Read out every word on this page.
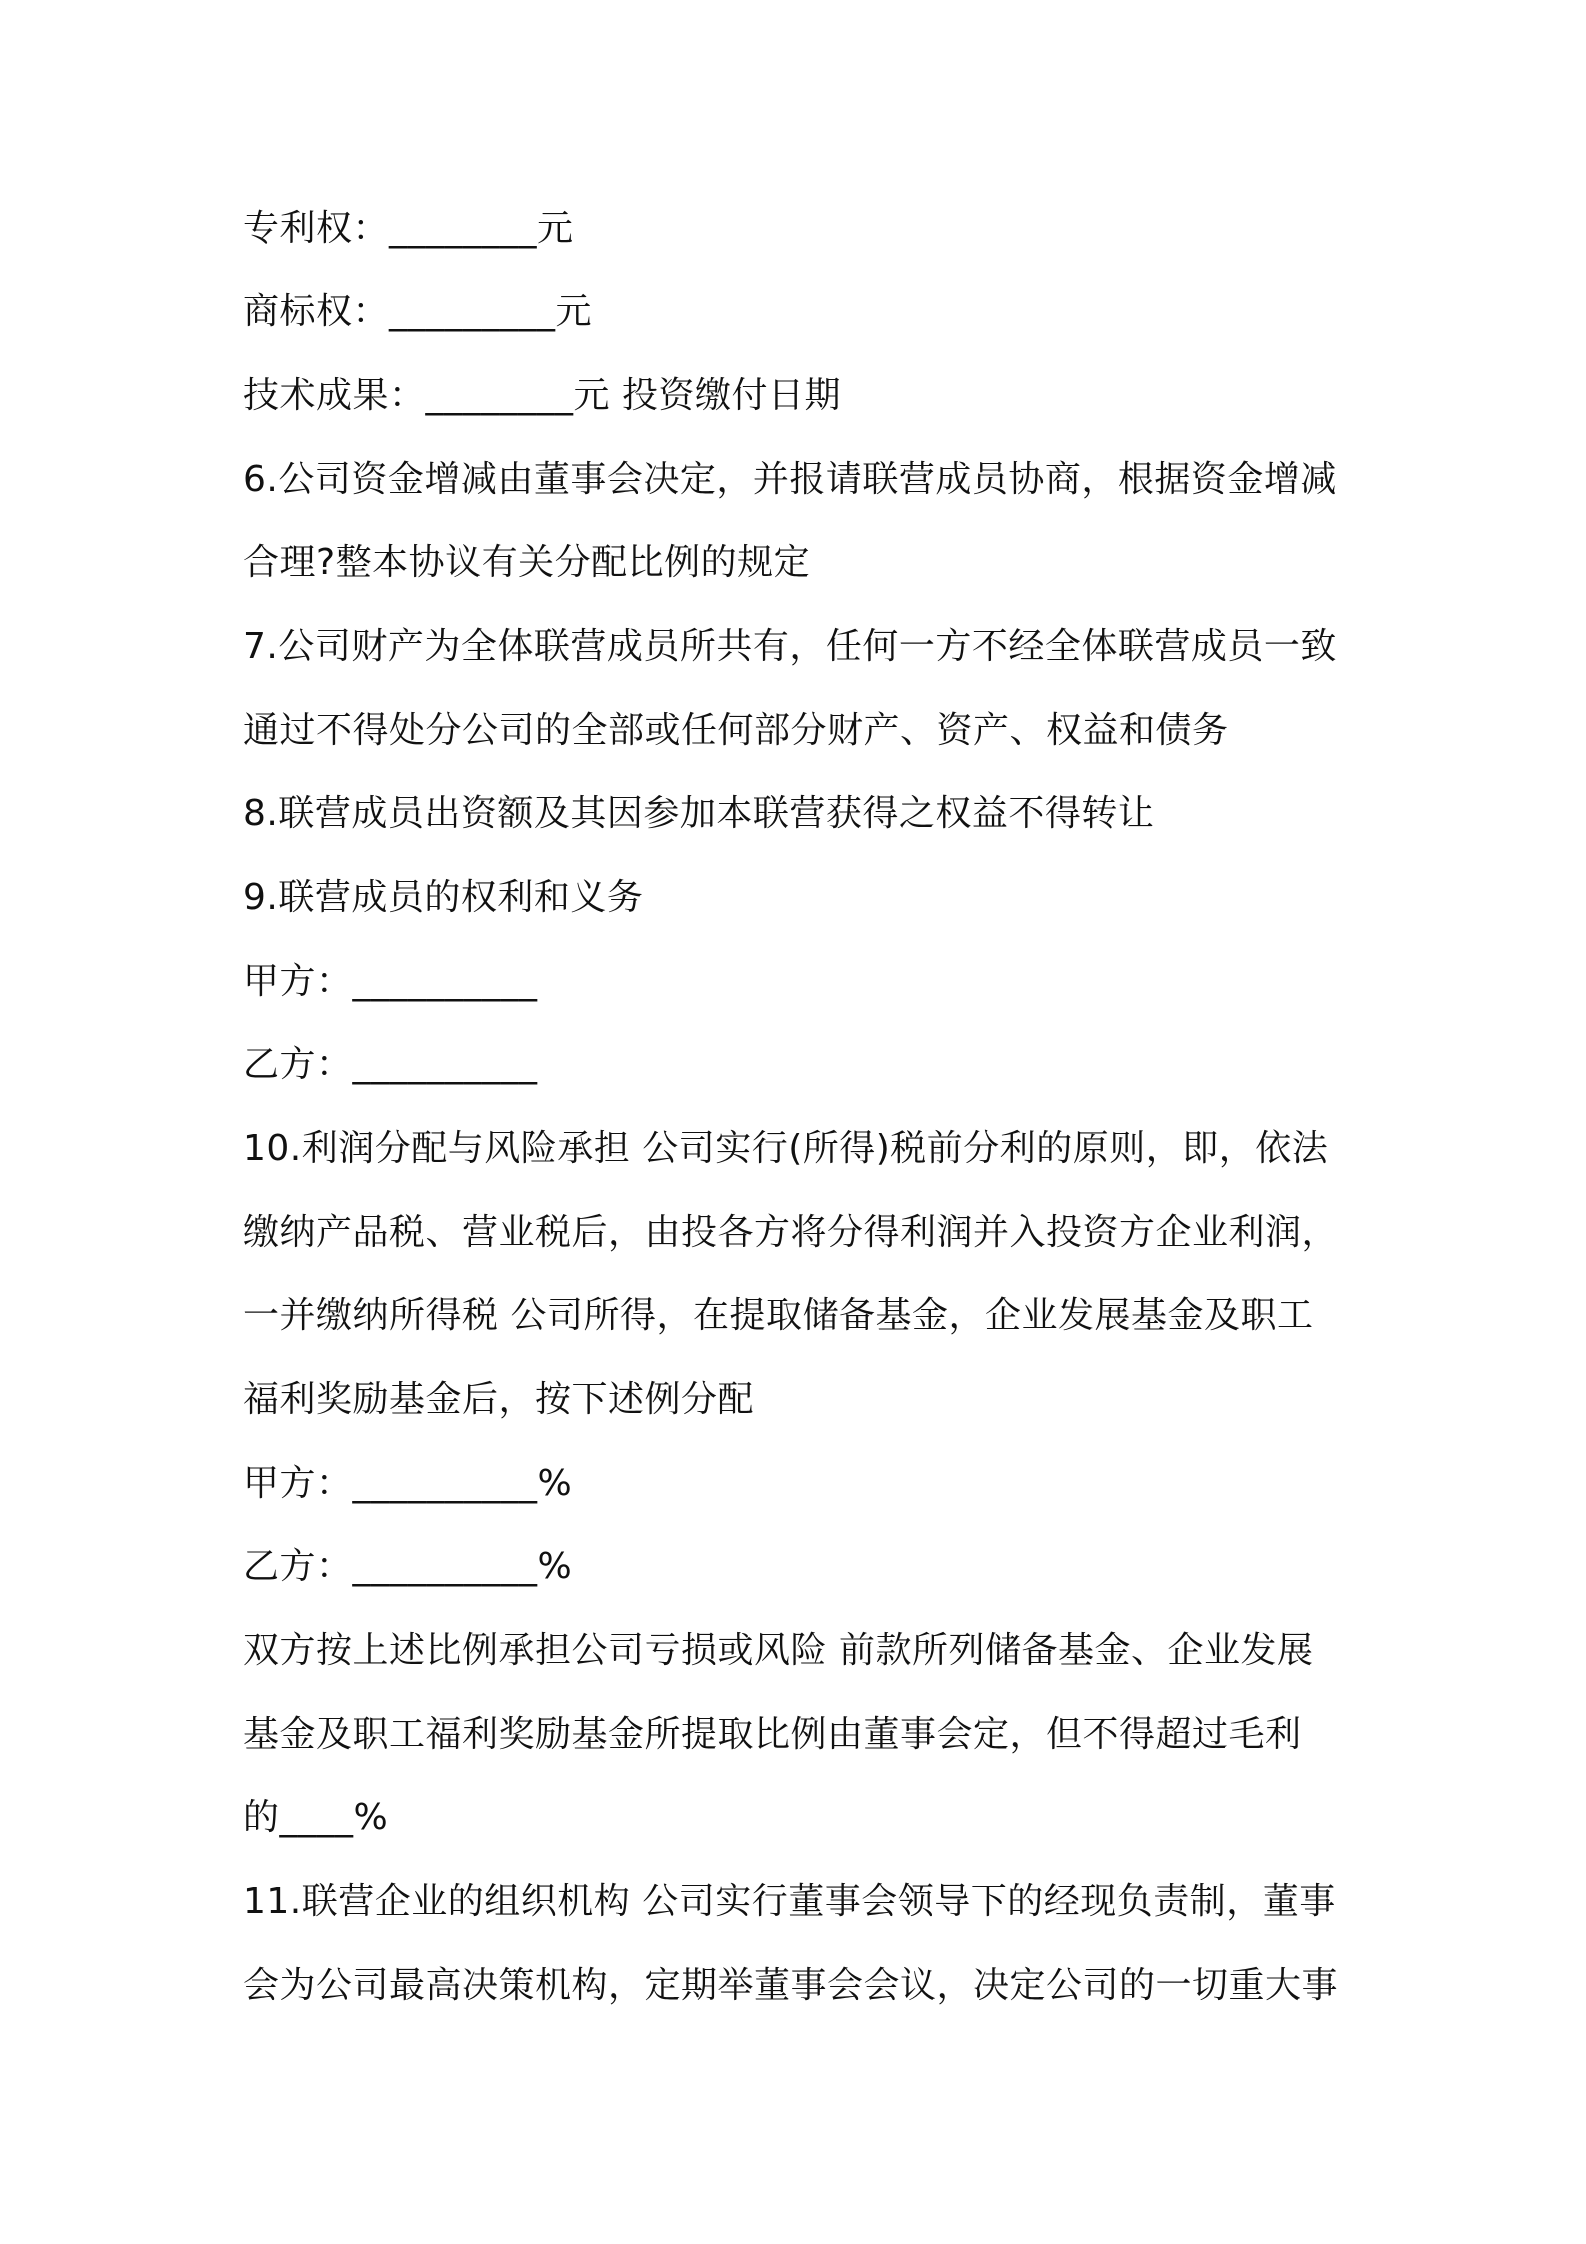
专利权：________元
商标权：_________元
技术成果：________元 投资缴付日期
6.公司资金增减由董事会决定，并报请联营成员协商，根据资金增减
合理?整本协议有关分配比例的规定
7.公司财产为全体联营成员所共有，任何一方不经全体联营成员一致
通过不得处分公司的全部或任何部分财产、资产、权益和债务
8.联营成员出资额及其因参加本联营获得之权益不得转让
9.联营成员的权利和义务
甲方：__________
乙方：__________
10.利润分配与风险承担 公司实行(所得)税前分利的原则，即，依法
缴纳产品税、营业税后，由投各方将分得利润并入投资方企业利润，
一并缴纳所得税 公司所得，在提取储备基金，企业发展基金及职工
福利奖励基金后，按下述例分配
甲方：__________%
乙方：__________%
双方按上述比例承担公司亏损或风险 前款所列储备基金、企业发展
基金及职工福利奖励基金所提取比例由董事会定，但不得超过毛利
的____%
11.联营企业的组织机构 公司实行董事会领导下的经现负责制，董事
会为公司最高决策机构，定期举董事会会议，决定公司的一切重大事
